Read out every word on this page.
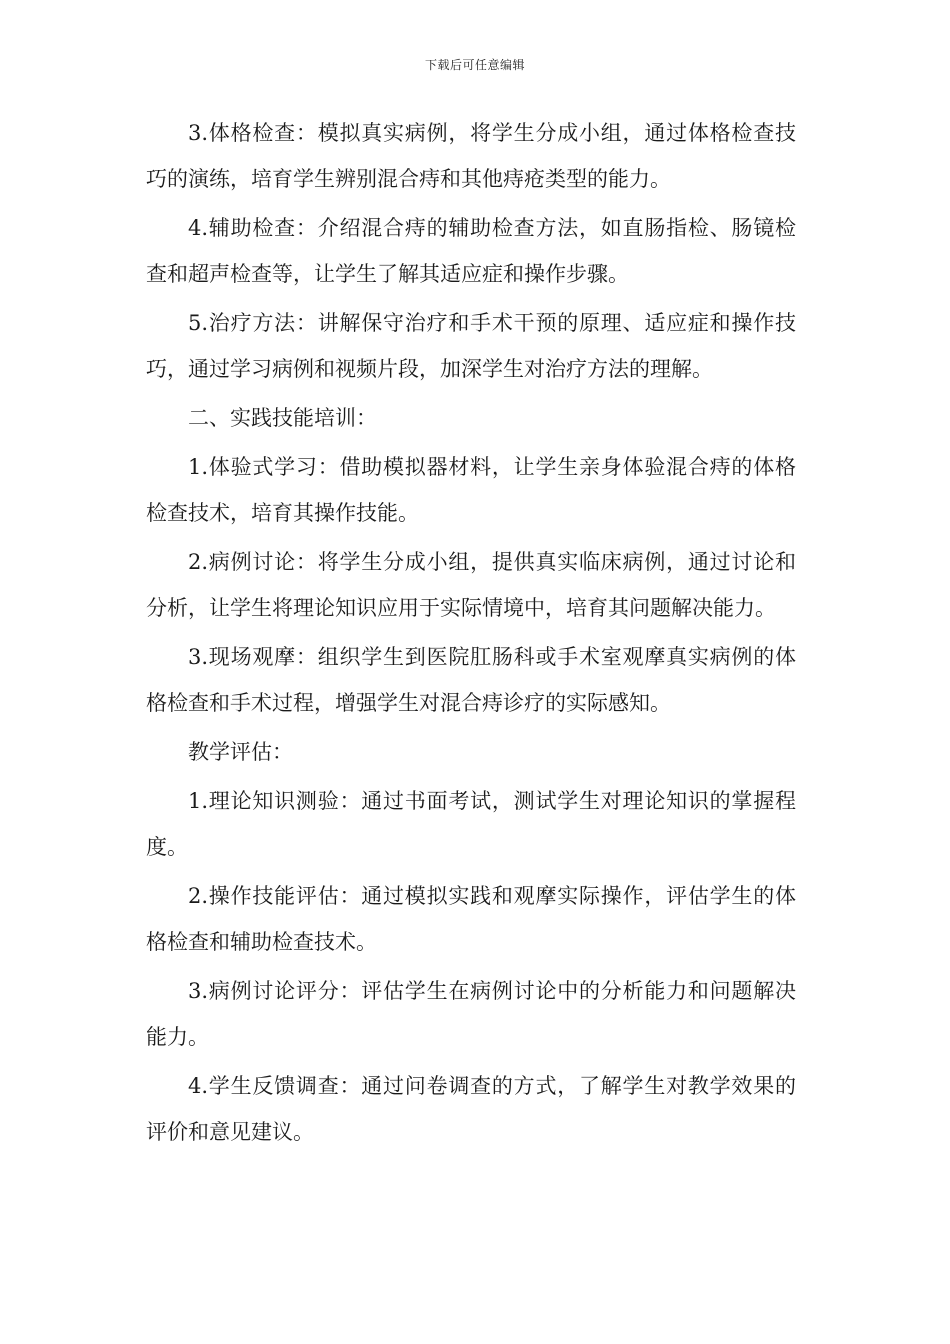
下载后可任意编辑

3.体格检查：模拟真实病例，将学生分成小组，通过体格检查技巧的演练，培育学生辨别混合痔和其他痔疮类型的能力。

4.辅助检查：介绍混合痔的辅助检查方法，如直肠指检、肠镜检查和超声检查等，让学生了解其适应症和操作步骤。

5.治疗方法：讲解保守治疗和手术干预的原理、适应症和操作技巧，通过学习病例和视频片段，加深学生对治疗方法的理解。

二、实践技能培训：

1.体验式学习：借助模拟器材料，让学生亲身体验混合痔的体格检查技术，培育其操作技能。

2.病例讨论：将学生分成小组，提供真实临床病例，通过讨论和分析，让学生将理论知识应用于实际情境中，培育其问题解决能力。

3.现场观摩：组织学生到医院肛肠科或手术室观摩真实病例的体格检查和手术过程，增强学生对混合痔诊疗的实际感知。

教学评估：

1.理论知识测验：通过书面考试，测试学生对理论知识的掌握程度。

2.操作技能评估：通过模拟实践和观摩实际操作，评估学生的体格检查和辅助检查技术。

3.病例讨论评分：评估学生在病例讨论中的分析能力和问题解决能力。

4.学生反馈调查：通过问卷调查的方式，了解学生对教学效果的评价和意见建议。
